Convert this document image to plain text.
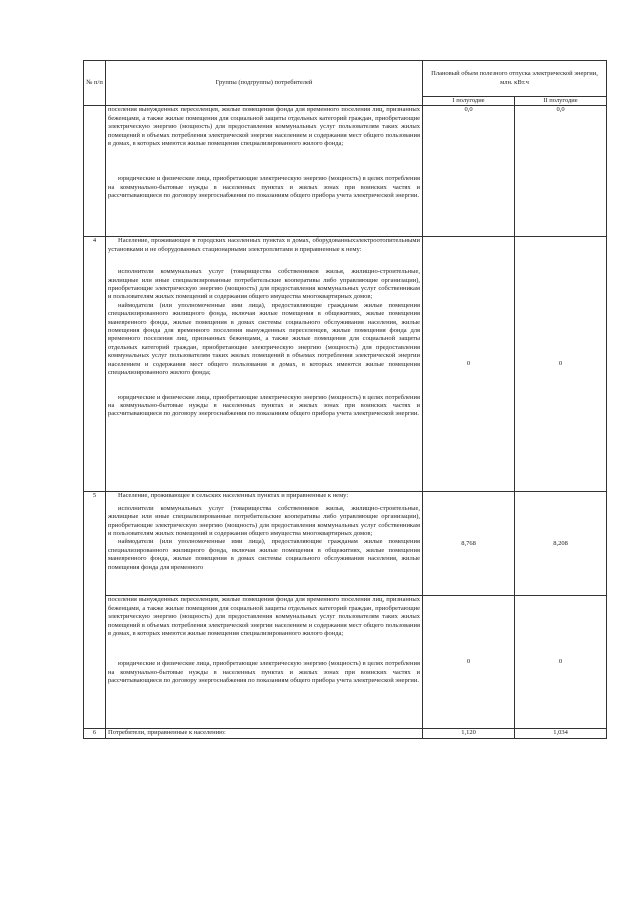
№ п/п	Группы (подгруппы) потребителей	Плановый объем полезного отпуска электрической энергии, млн. кВт.ч	
		I полугодие	II полугодие

	поселения вынужденных переселенцев, жилые помещения фонда для временного поселения лиц, признанных беженцами, а также жилые помещения для социальной защиты отдельных категорий граждан, приобретающие электрическую энергию (мощность) для предоставления коммунальных услуг пользователям таких жилых помещений в объемах потребления электрической энергии населением и содержания мест общего пользования в домах, в которых имеются жилые помещения специализированного жилого фонда;

юридические и физические лица, приобретающие электрическую энергию (мощность) в целях потребления на коммунально-бытовые нужды в населенных пунктах и жилых зонах при воинских частях и рассчитывающиеся по договору энергоснабжения по показаниям общего прибора учета электрической энергии.	0,0	0,0
4	Население, проживающее в городских населенных пунктах в домах, оборудованныхэлектроотопительными установками и не оборудованных стационарными электроплитами и приравненные к нему:

исполнители коммунальных услуг (товарищества собственников жилья, жилищно-строительные, жилищные или иные специализированные потребительские кооперативы либо управляющие организации), приобретающие электрическую энергию (мощность) для предоставления коммунальных услуг собственникам и пользователям жилых помещений и содержания общего имущества многоквартирных домов;

наймодатели (или уполномоченные ими лица), предоставляющие гражданам жилые помещения специализированного жилищного фонда, включая жилые помещения в общежитиях, жилые помещения маневренного фонда, жилые помещения в домах системы социального обслуживания населения, жилые помещения фонда для временного поселения вынужденных переселенцев, жилые помещения фонда для временного поселения лиц, признанных беженцами, а также жилые помещения для социальной защиты отдельных категорий граждан, приобретающие электрическую энергию (мощность) для предоставления коммунальных услуг пользователям таких жилых помещений в объемах потребления электрической энергии населением и содержания мест общего пользования в домах, в которых имеются жилые помещения специализированного жилого фонда;

юридические и физические лица, приобретающие электрическую энергию (мощность) в целях потребления на коммунально-бытовые нужды в населенных пунктах и жилых зонах при воинских частях и рассчитывающиеся по договору энергоснабжения по показаниям общего прибора учета электрической энергии.	0	0
5	Население, проживающее в сельских населенных пунктах и приравненные к нему:

исполнители коммунальных услуг (товарищества собственников жилья, жилищно-строительные, жилищные или иные специализированные потребительские кооперативы либо управляющие организации), приобретающие электрическую энергию (мощность) для предоставления коммунальных услуг собственникам и пользователям жилых помещений и содержания общего имущества многоквартирных домов;

наймодатели (или уполномоченные ими лица), предоставляющие гражданам жилые помещения специализированного жилищного фонда, включая жилые помещения в общежитиях, жилые помещения маневренного фонда, жилые помещения в домах системы социального обслуживания населения, жилые помещения фонда для временного	8,768	8,208

	поселения вынужденных переселенцев, жилые помещения фонда для временного поселения лиц, признанных беженцами, а также жилые помещения для социальной защиты отдельных категорий граждан, приобретающие электрическую энергию (мощность) для предоставления коммунальных услуг пользователям таких жилых помещений в объемах потребления электрической энергии населением и содержания мест общего пользования в домах, в которых имеются жилые помещения специализированного жилого фонда;

юридические и физические лица, приобретающие электрическую энергию (мощность) в целях потребления на коммунально-бытовые нужды в населенных пунктах и жилых зонах при воинских частях и рассчитывающиеся по договору энергоснабжения по показаниям общего прибора учета электрической энергии.	0	0
6	Потребители, приравненные к населению:	1,120	1,034
